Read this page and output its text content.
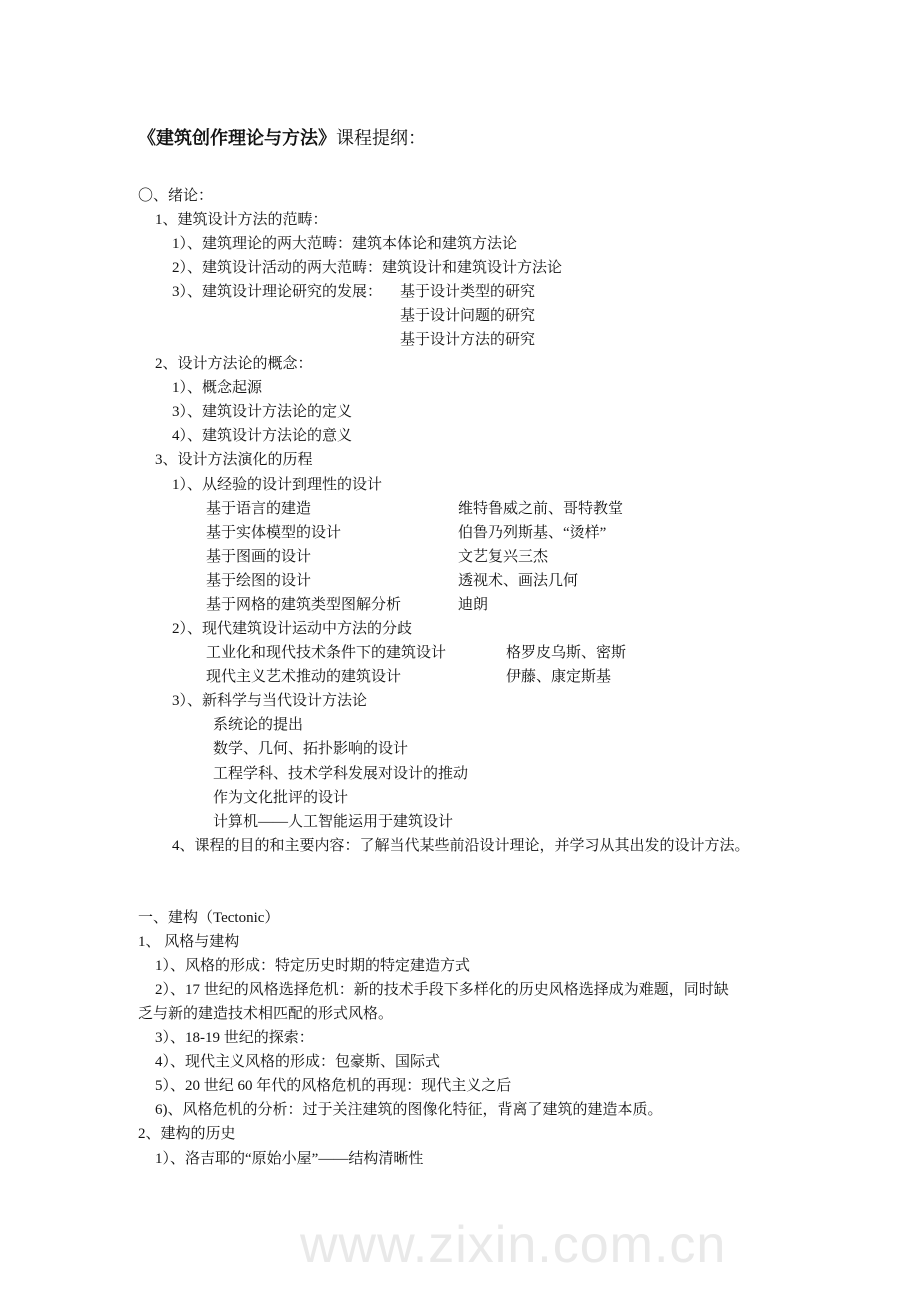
www.zixin.com.cn
《建筑创作理论与方法》课程提纲：
〇、绪论：
1、建筑设计方法的范畴：
1）、建筑理论的两大范畴：建筑本体论和建筑方法论
2）、建筑设计活动的两大范畴：建筑设计和建筑设计方法论
3）、建筑设计理论研究的发展： 基于设计类型的研究
基于设计问题的研究
基于设计方法的研究
2、设计方法论的概念：
1）、概念起源
3）、建筑设计方法论的定义
4）、建筑设计方法论的意义
3、设计方法演化的历程
1）、从经验的设计到理性的设计
基于语言的建造	维特鲁威之前、哥特教堂
基于实体模型的设计	伯鲁乃列斯基、“烫样”
基于图画的设计	文艺复兴三杰
基于绘图的设计	透视术、画法几何
基于网格的建筑类型图解分析	迪朗
2）、现代建筑设计运动中方法的分歧
工业化和现代技术条件下的建筑设计	格罗皮乌斯、密斯
现代主义艺术推动的建筑设计	伊藤、康定斯基
3）、新科学与当代设计方法论
系统论的提出
数学、几何、拓扑影响的设计
工程学科、技术学科发展对设计的推动
作为文化批评的设计
计算机——人工智能运用于建筑设计
4、课程的目的和主要内容：了解当代某些前沿设计理论，并学习从其出发的设计方法。
一、建构（Tectonic）
1、 风格与建构
1）、风格的形成：特定历史时期的特定建造方式
2）、17 世纪的风格选择危机：新的技术手段下多样化的历史风格选择成为难题，同时缺
乏与新的建造技术相匹配的形式风格。
3）、18-19 世纪的探索：
4）、现代主义风格的形成：包豪斯、国际式
5）、20 世纪 60 年代的风格危机的再现：现代主义之后
6)、风格危机的分析：过于关注建筑的图像化特征，背离了建筑的建造本质。
2、建构的历史
1）、洛吉耶的“原始小屋”——结构清晰性
